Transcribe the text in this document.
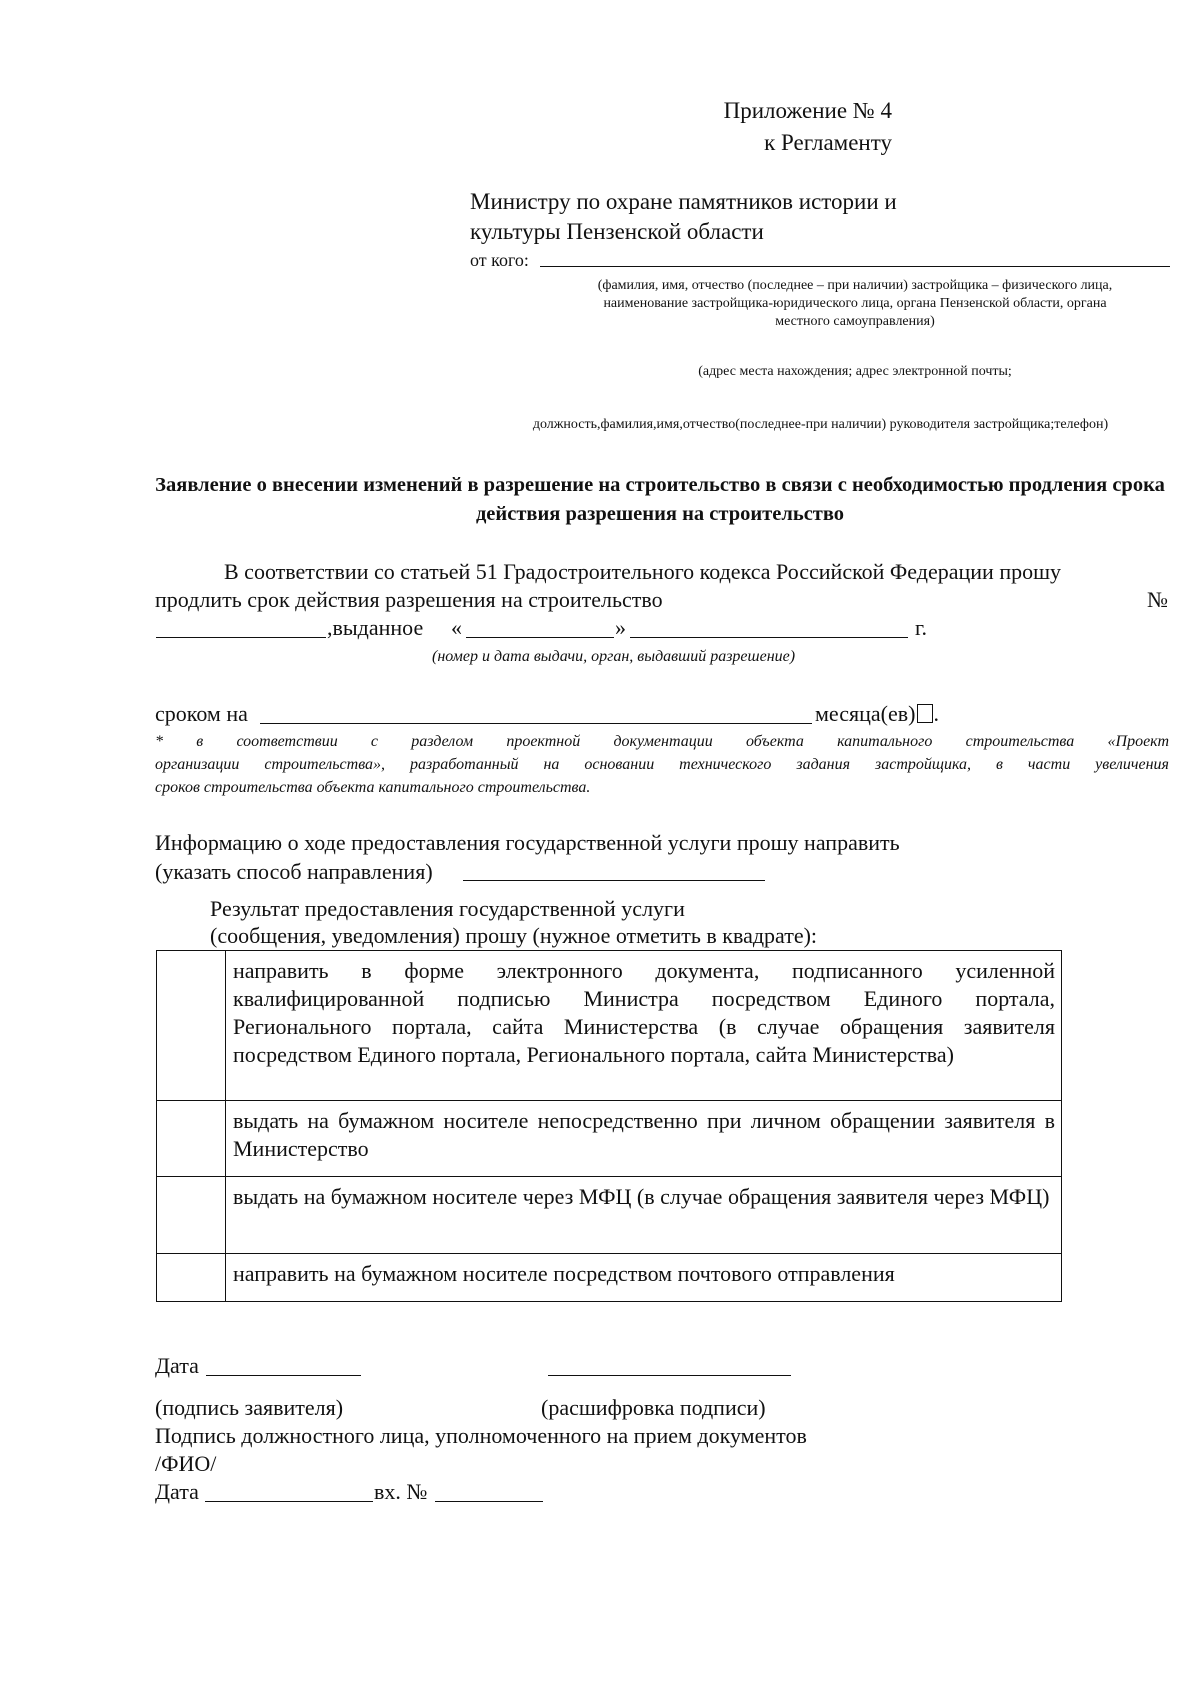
Приложение № 4
к Регламенту
Министру по охране памятников истории и
культуры Пензенской области
от кого:
(фамилия, имя, отчество (последнее – при наличии) застройщика – физического лица,
наименование застройщика-юридического лица, органа Пензенской области, органа
местного самоуправления)
(адрес места нахождения; адрес электронной почты;
должность,фамилия,имя,отчество(последнее-при наличии) руководителя застройщика;телефон)
Заявление о внесении изменений в разрешение на строительство в связи с необходимостью продления срока действия разрешения на строительство
В соответствии со статьей 51 Градостроительного кодекса Российской Федерации прошу
продлить срок действия разрешения на строительство	№
,выданное «	»	г.
(номер и дата выдачи, орган, выдавший разрешение)
сроком на	месяца(ев) .
* в соответствии с разделом проектной документации объекта капитального строительства «Проект
организации строительства», разработанный на основании технического задания застройщика, в части увеличения
сроков строительства объекта капитального строительства.
Информацию о ходе предоставления государственной услуги прошу направить
(указать способ направления)
Результат предоставления государственной услуги
(сообщения, уведомления) прошу (нужное отметить в квадрате):
	направить в форме электронного документа, подписанного усиленной квалифицированной подписью Министра посредством Единого портала, Регионального портала, сайта Министерства (в случае обращения заявителя посредством Единого портала, Регионального портала, сайта Министерства)
	выдать на бумажном носителе непосредственно при личном обращении заявителя в Министерство
	выдать на бумажном носителе через МФЦ (в случае обращения заявителя через МФЦ)
	направить на бумажном носителе посредством почтового отправления
Дата
(подпись заявителя)	(расшифровка подписи)
Подпись должностного лица, уполномоченного на прием документов
/ФИО/
Дата	вх. №
